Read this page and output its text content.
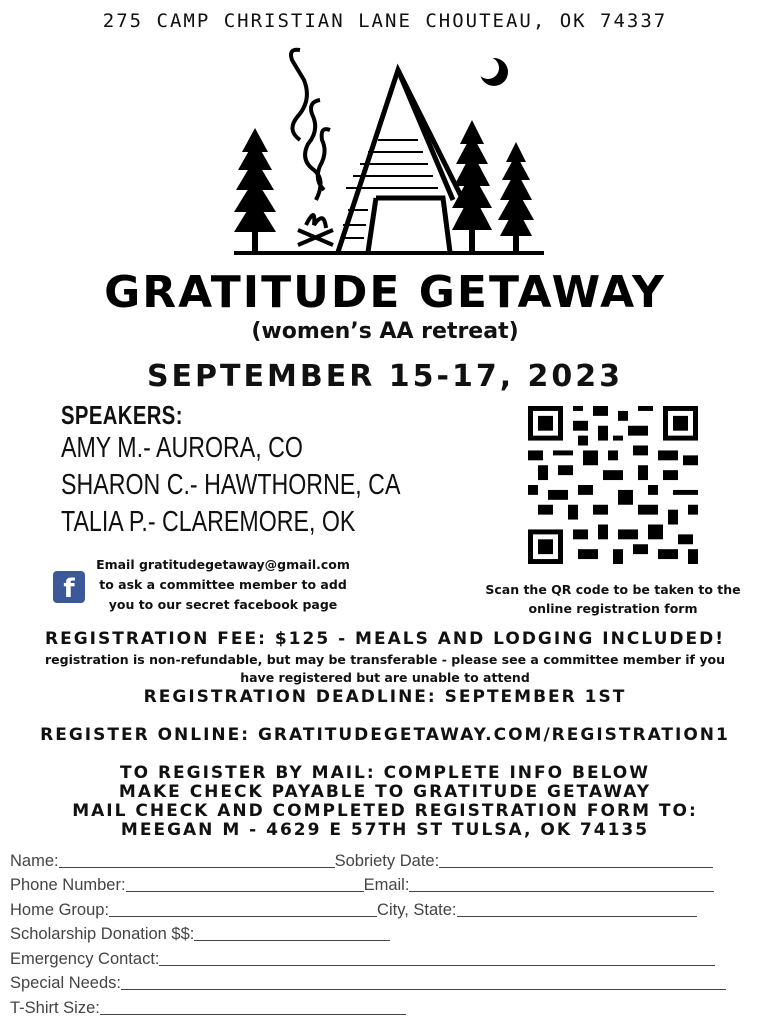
275 CAMP CHRISTIAN LANE CHOUTEAU, OK 74337
GRATITUDE GETAWAY
(women’s AA retreat)
SEPTEMBER 15-17, 2023
SPEAKERS:
AMY M.- AURORA, CO
SHARON C.- HAWTHORNE, CA
TALIA P.- CLAREMORE, OK
Scan the QR code to be taken to the
online registration form
f
Email gratitudegetaway@gmail.com
to ask a committee member to add
you to our secret facebook page
REGISTRATION FEE: $125 - MEALS AND LODGING INCLUDED!
registration is non-refundable, but may be transferable - please see a committee member if you
have registered but are unable to attend
REGISTRATION DEADLINE: SEPTEMBER 1ST
REGISTER ONLINE: GRATITUDEGETAWAY.COM/REGISTRATION1
TO REGISTER BY MAIL: COMPLETE INFO BELOW
MAKE CHECK PAYABLE TO GRATITUDE GETAWAY
MAIL CHECK AND COMPLETED REGISTRATION FORM TO:
MEEGAN M - 4629 E 57TH ST TULSA, OK 74135
Name:	Sobriety Date:
Phone Number:	Email:
Home Group:	City, State:
Scholarship Donation $$:
Emergency Contact:
Special Needs:
T-Shirt Size:
